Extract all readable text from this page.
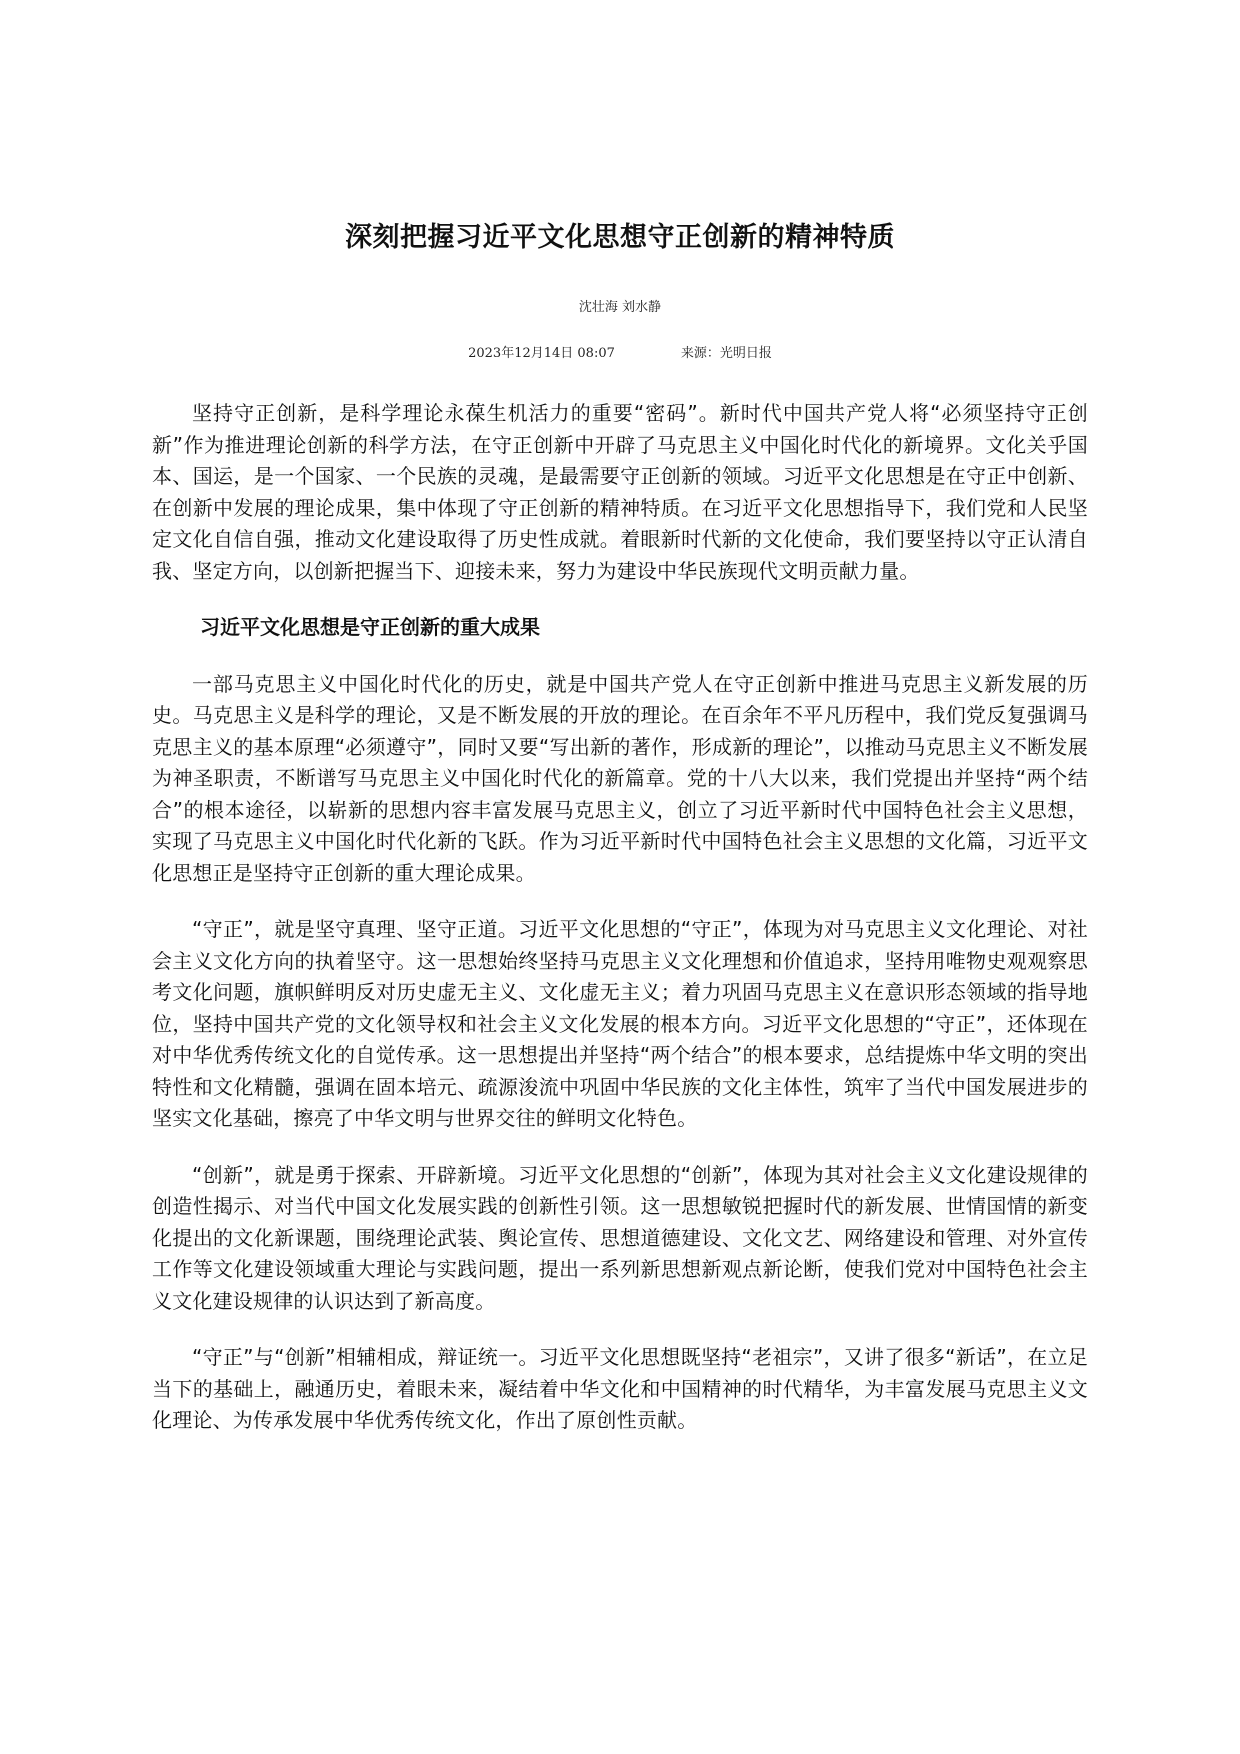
深刻把握习近平文化思想守正创新的精神特质
沈壮海 刘水静
2023年12月14日 08:07	来源：光明日报

坚持守正创新，是科学理论永葆生机活力的重要“密码”。新时代中国共产党人将“必须坚持守正创新”作为推进理论创新的科学方法，在守正创新中开辟了马克思主义中国化时代化的新境界。文化关乎国本、国运，是一个国家、一个民族的灵魂，是最需要守正创新的领域。习近平文化思想是在守正中创新、在创新中发展的理论成果，集中体现了守正创新的精神特质。在习近平文化思想指导下，我们党和人民坚定文化自信自强，推动文化建设取得了历史性成就。着眼新时代新的文化使命，我们要坚持以守正认清自我、坚定方向，以创新把握当下、迎接未来，努力为建设中华民族现代文明贡献力量。

习近平文化思想是守正创新的重大成果

一部马克思主义中国化时代化的历史，就是中国共产党人在守正创新中推进马克思主义新发展的历史。马克思主义是科学的理论，又是不断发展的开放的理论。在百余年不平凡历程中，我们党反复强调马克思主义的基本原理“必须遵守”，同时又要“写出新的著作，形成新的理论”，以推动马克思主义不断发展为神圣职责，不断谱写马克思主义中国化时代化的新篇章。党的十八大以来，我们党提出并坚持“两个结合”的根本途径，以崭新的思想内容丰富发展马克思主义，创立了习近平新时代中国特色社会主义思想，实现了马克思主义中国化时代化新的飞跃。作为习近平新时代中国特色社会主义思想的文化篇，习近平文化思想正是坚持守正创新的重大理论成果。

“守正”，就是坚守真理、坚守正道。习近平文化思想的“守正”，体现为对马克思主义文化理论、对社会主义文化方向的执着坚守。这一思想始终坚持马克思主义文化理想和价值追求，坚持用唯物史观观察思考文化问题，旗帜鲜明反对历史虚无主义、文化虚无主义；着力巩固马克思主义在意识形态领域的指导地位，坚持中国共产党的文化领导权和社会主义文化发展的根本方向。习近平文化思想的“守正”，还体现在对中华优秀传统文化的自觉传承。这一思想提出并坚持“两个结合”的根本要求，总结提炼中华文明的突出特性和文化精髓，强调在固本培元、疏源浚流中巩固中华民族的文化主体性，筑牢了当代中国发展进步的坚实文化基础，擦亮了中华文明与世界交往的鲜明文化特色。

“创新”，就是勇于探索、开辟新境。习近平文化思想的“创新”，体现为其对社会主义文化建设规律的创造性揭示、对当代中国文化发展实践的创新性引领。这一思想敏锐把握时代的新发展、世情国情的新变化提出的文化新课题，围绕理论武装、舆论宣传、思想道德建设、文化文艺、网络建设和管理、对外宣传工作等文化建设领域重大理论与实践问题，提出一系列新思想新观点新论断，使我们党对中国特色社会主义文化建设规律的认识达到了新高度。

“守正”与“创新”相辅相成，辩证统一。习近平文化思想既坚持“老祖宗”，又讲了很多“新话”，在立足当下的基础上，融通历史，着眼未来，凝结着中华文化和中国精神的时代精华，为丰富发展马克思主义文化理论、为传承发展中华优秀传统文化，作出了原创性贡献。
